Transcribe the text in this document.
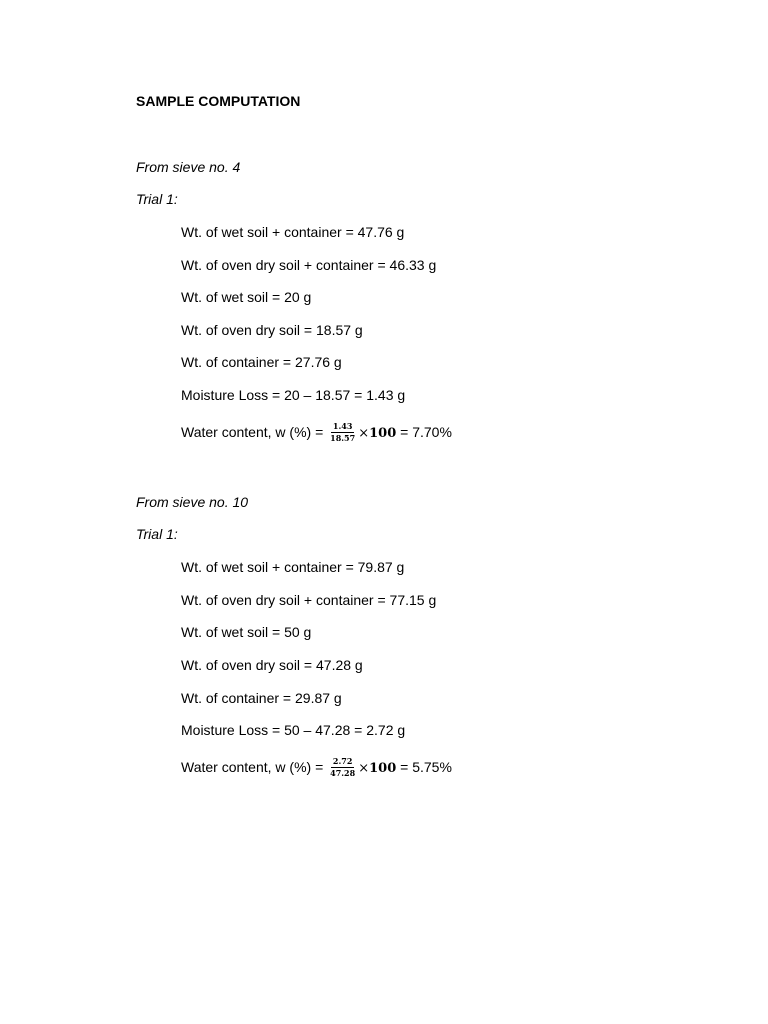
SAMPLE COMPUTATION
From sieve no. 4
Trial 1:
Wt. of wet soil + container = 47.76 g
Wt. of oven dry soil + container = 46.33 g
Wt. of wet soil = 20 g
Wt. of oven dry soil = 18.57 g
Wt. of container = 27.76 g
Moisture Loss = 20 – 18.57 = 1.43 g
Water content, w (%) = $\frac{1.43}{18.57} \times 100 = 7.70\%$
From sieve no. 10
Trial 1:
Wt. of wet soil + container = 79.87 g
Wt. of oven dry soil + container = 77.15 g
Wt. of wet soil = 50 g
Wt. of oven dry soil = 47.28 g
Wt. of container = 29.87 g
Moisture Loss = 50 – 47.28 = 2.72 g
Water content, w (%) = $\frac{2.72}{47.28} \times 100 = 5.75\%$
